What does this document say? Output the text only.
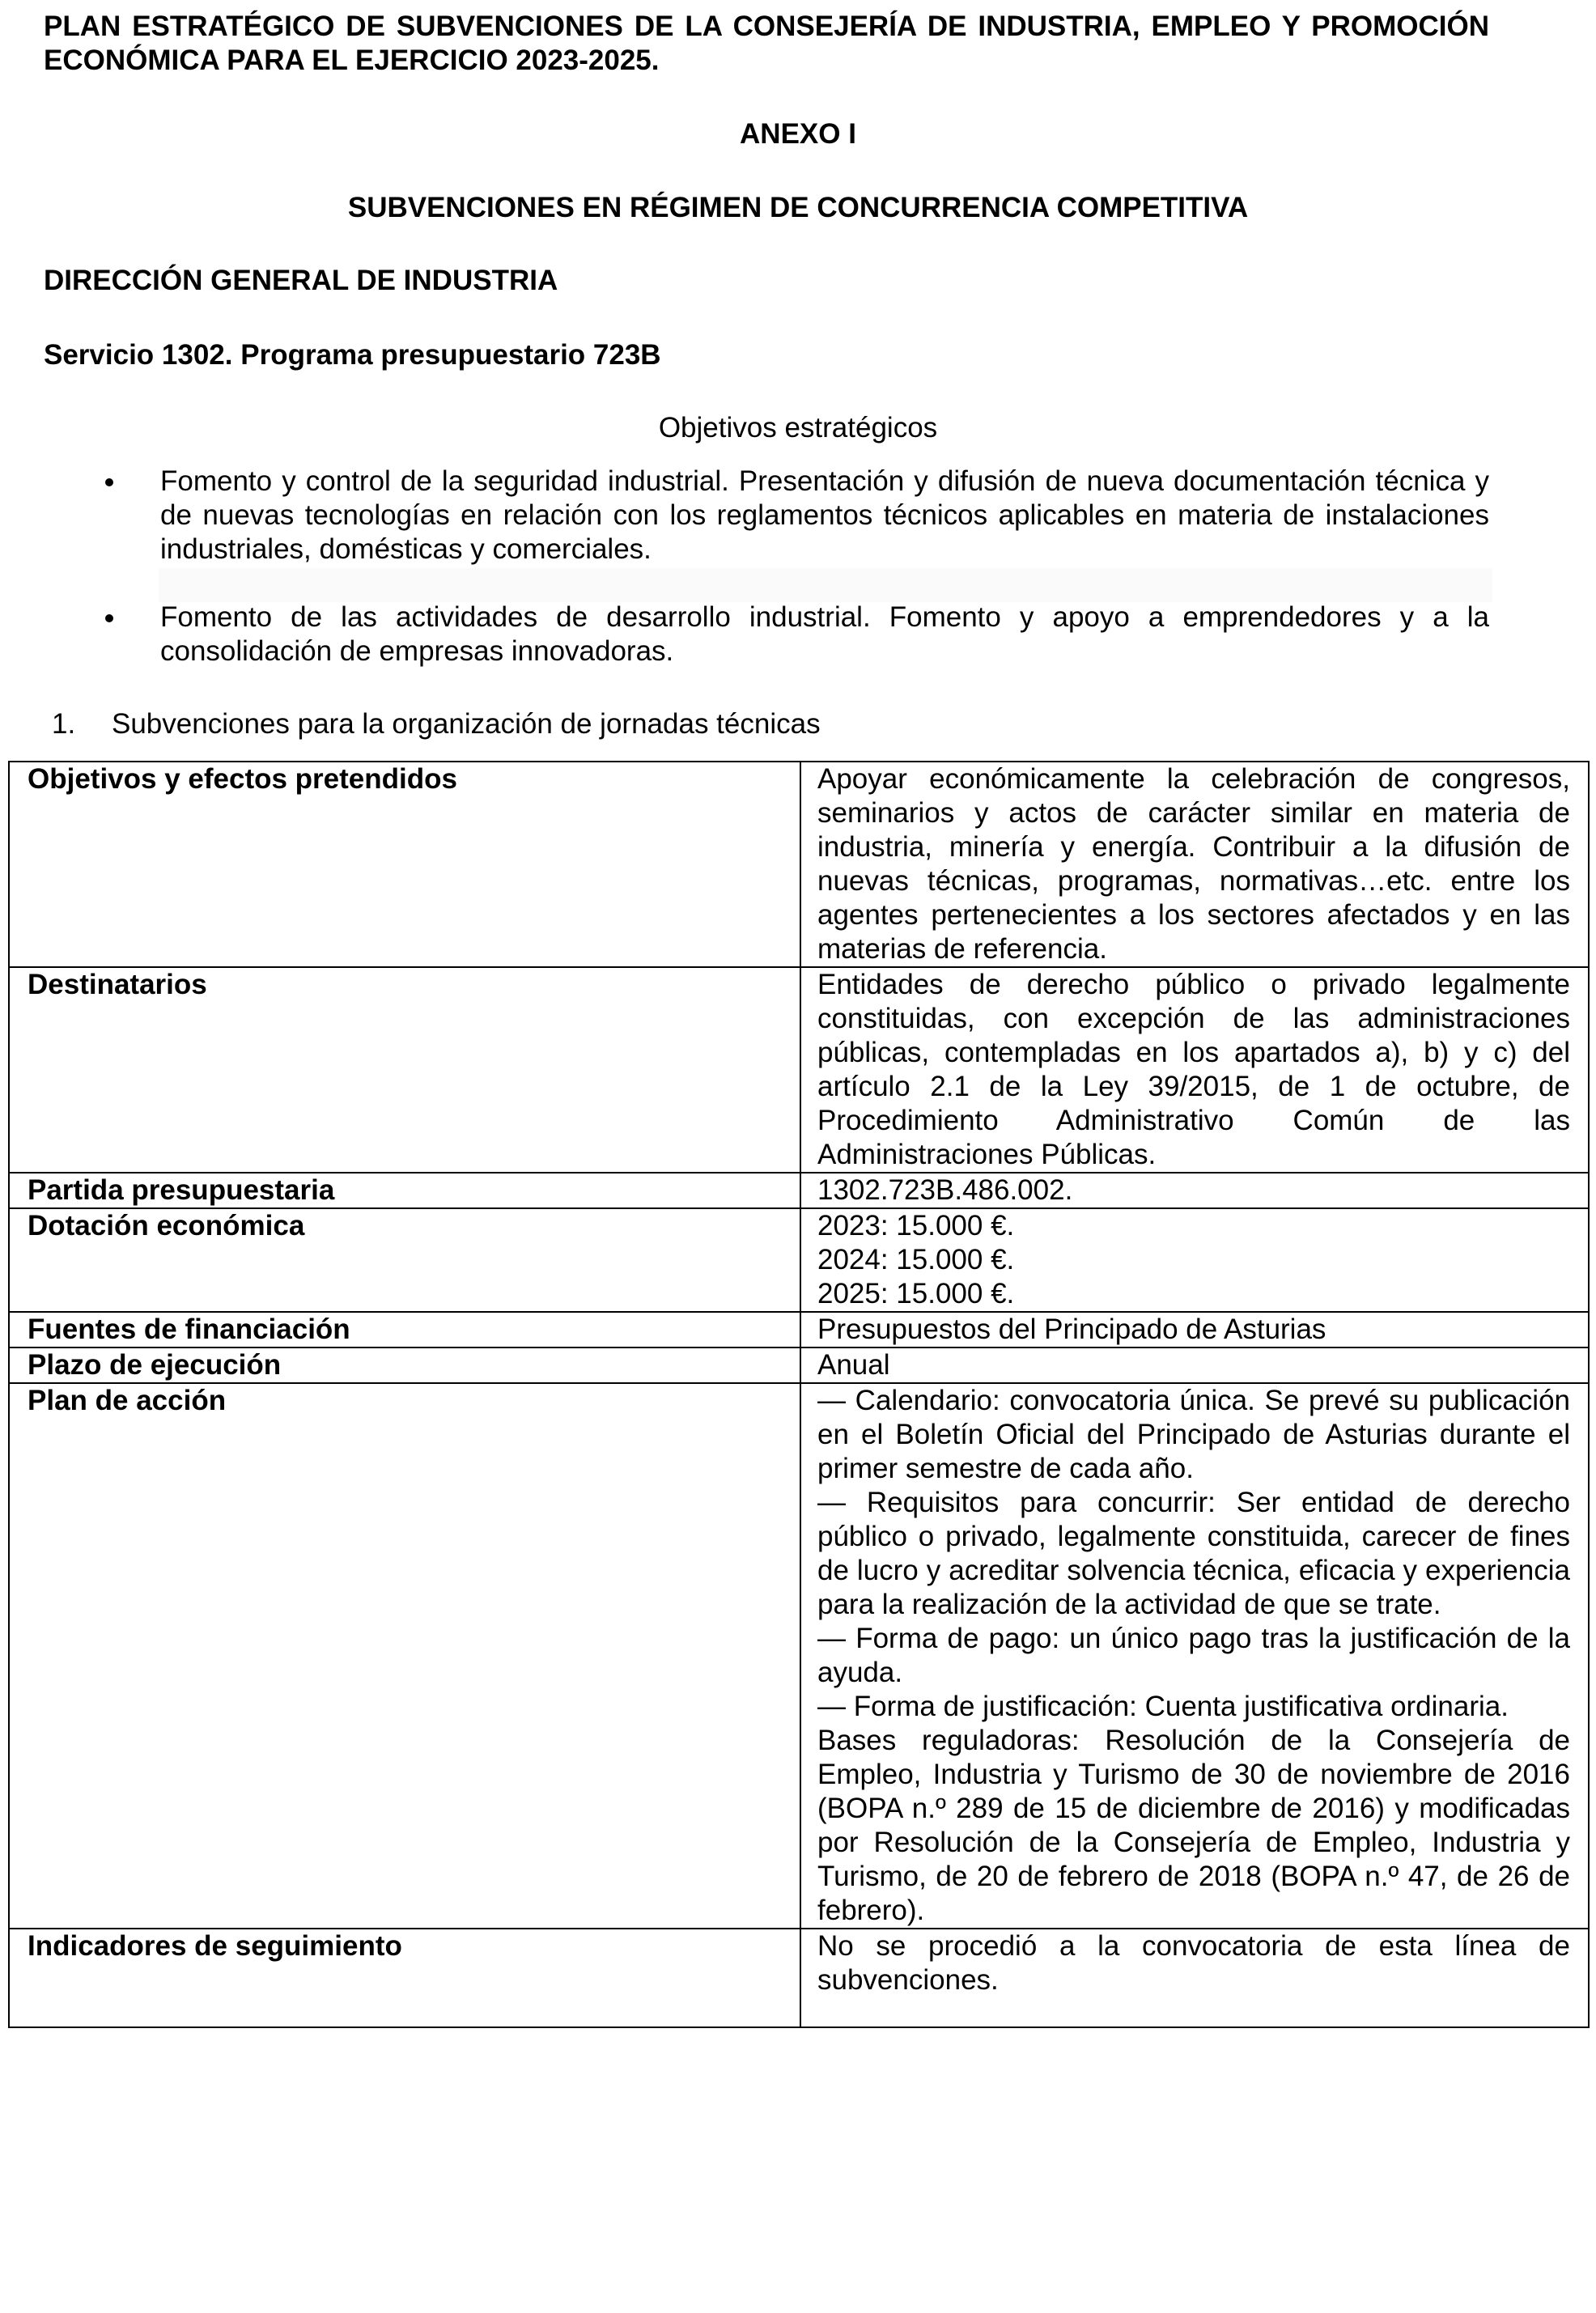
PLAN ESTRATÉGICO DE SUBVENCIONES DE LA CONSEJERÍA DE INDUSTRIA, EMPLEO Y PROMOCIÓN ECONÓMICA PARA EL EJERCICIO 2023-2025.

ANEXO I

SUBVENCIONES EN RÉGIMEN DE CONCURRENCIA COMPETITIVA

DIRECCIÓN GENERAL DE INDUSTRIA

Servicio 1302. Programa presupuestario 723B

Objetivos estratégicos

Fomento y control de la seguridad industrial. Presentación y difusión de nueva documentación técnica y de nuevas tecnologías en relación con los reglamentos técnicos aplicables en materia de instalaciones industriales, domésticas y comerciales.
Fomento de las actividades de desarrollo industrial. Fomento y apoyo a emprendedores y a la consolidación de empresas innovadoras.

1. Subvenciones para la organización de jornadas técnicas

Objetivos y efectos pretendidos	Apoyar económicamente la celebración de congresos, seminarios y actos de carácter similar en materia de industria, minería y energía. Contribuir a la difusión de nuevas técnicas, programas, normativas…etc. entre los agentes pertenecientes a los sectores afectados y en las materias de referencia.

Destinatarios	Entidades de derecho público o privado legalmente constituidas, con excepción de las administraciones públicas, contempladas en los apartados a), b) y c) del artículo 2.1 de la Ley 39/2015, de 1 de octubre, de Procedimiento Administrativo Común de las Administraciones Públicas.

Partida presupuestaria	1302.723B.486.002.

Dotación económica	2023: 15.000 €.
2024: 15.000 €.
2025: 15.000 €.

Fuentes de financiación	Presupuestos del Principado de Asturias

Plazo de ejecución	Anual

Plan de acción	— Calendario: convocatoria única. Se prevé su publicación en el Boletín Oficial del Principado de Asturias durante el primer semestre de cada año.
— Requisitos para concurrir: Ser entidad de derecho público o privado, legalmente constituida, carecer de fines de lucro y acreditar solvencia técnica, eficacia y experiencia para la realización de la actividad de que se trate.
— Forma de pago: un único pago tras la justificación de la ayuda.
— Forma de justificación: Cuenta justificativa ordinaria.
Bases reguladoras: Resolución de la Consejería de Empleo, Industria y Turismo de 30 de noviembre de 2016 (BOPA n.º 289 de 15 de diciembre de 2016) y modificadas por Resolución de la Consejería de Empleo, Industria y Turismo, de 20 de febrero de 2018 (BOPA n.º 47, de 26 de febrero).

Indicadores de seguimiento	No se procedió a la convocatoria de esta línea de subvenciones.
